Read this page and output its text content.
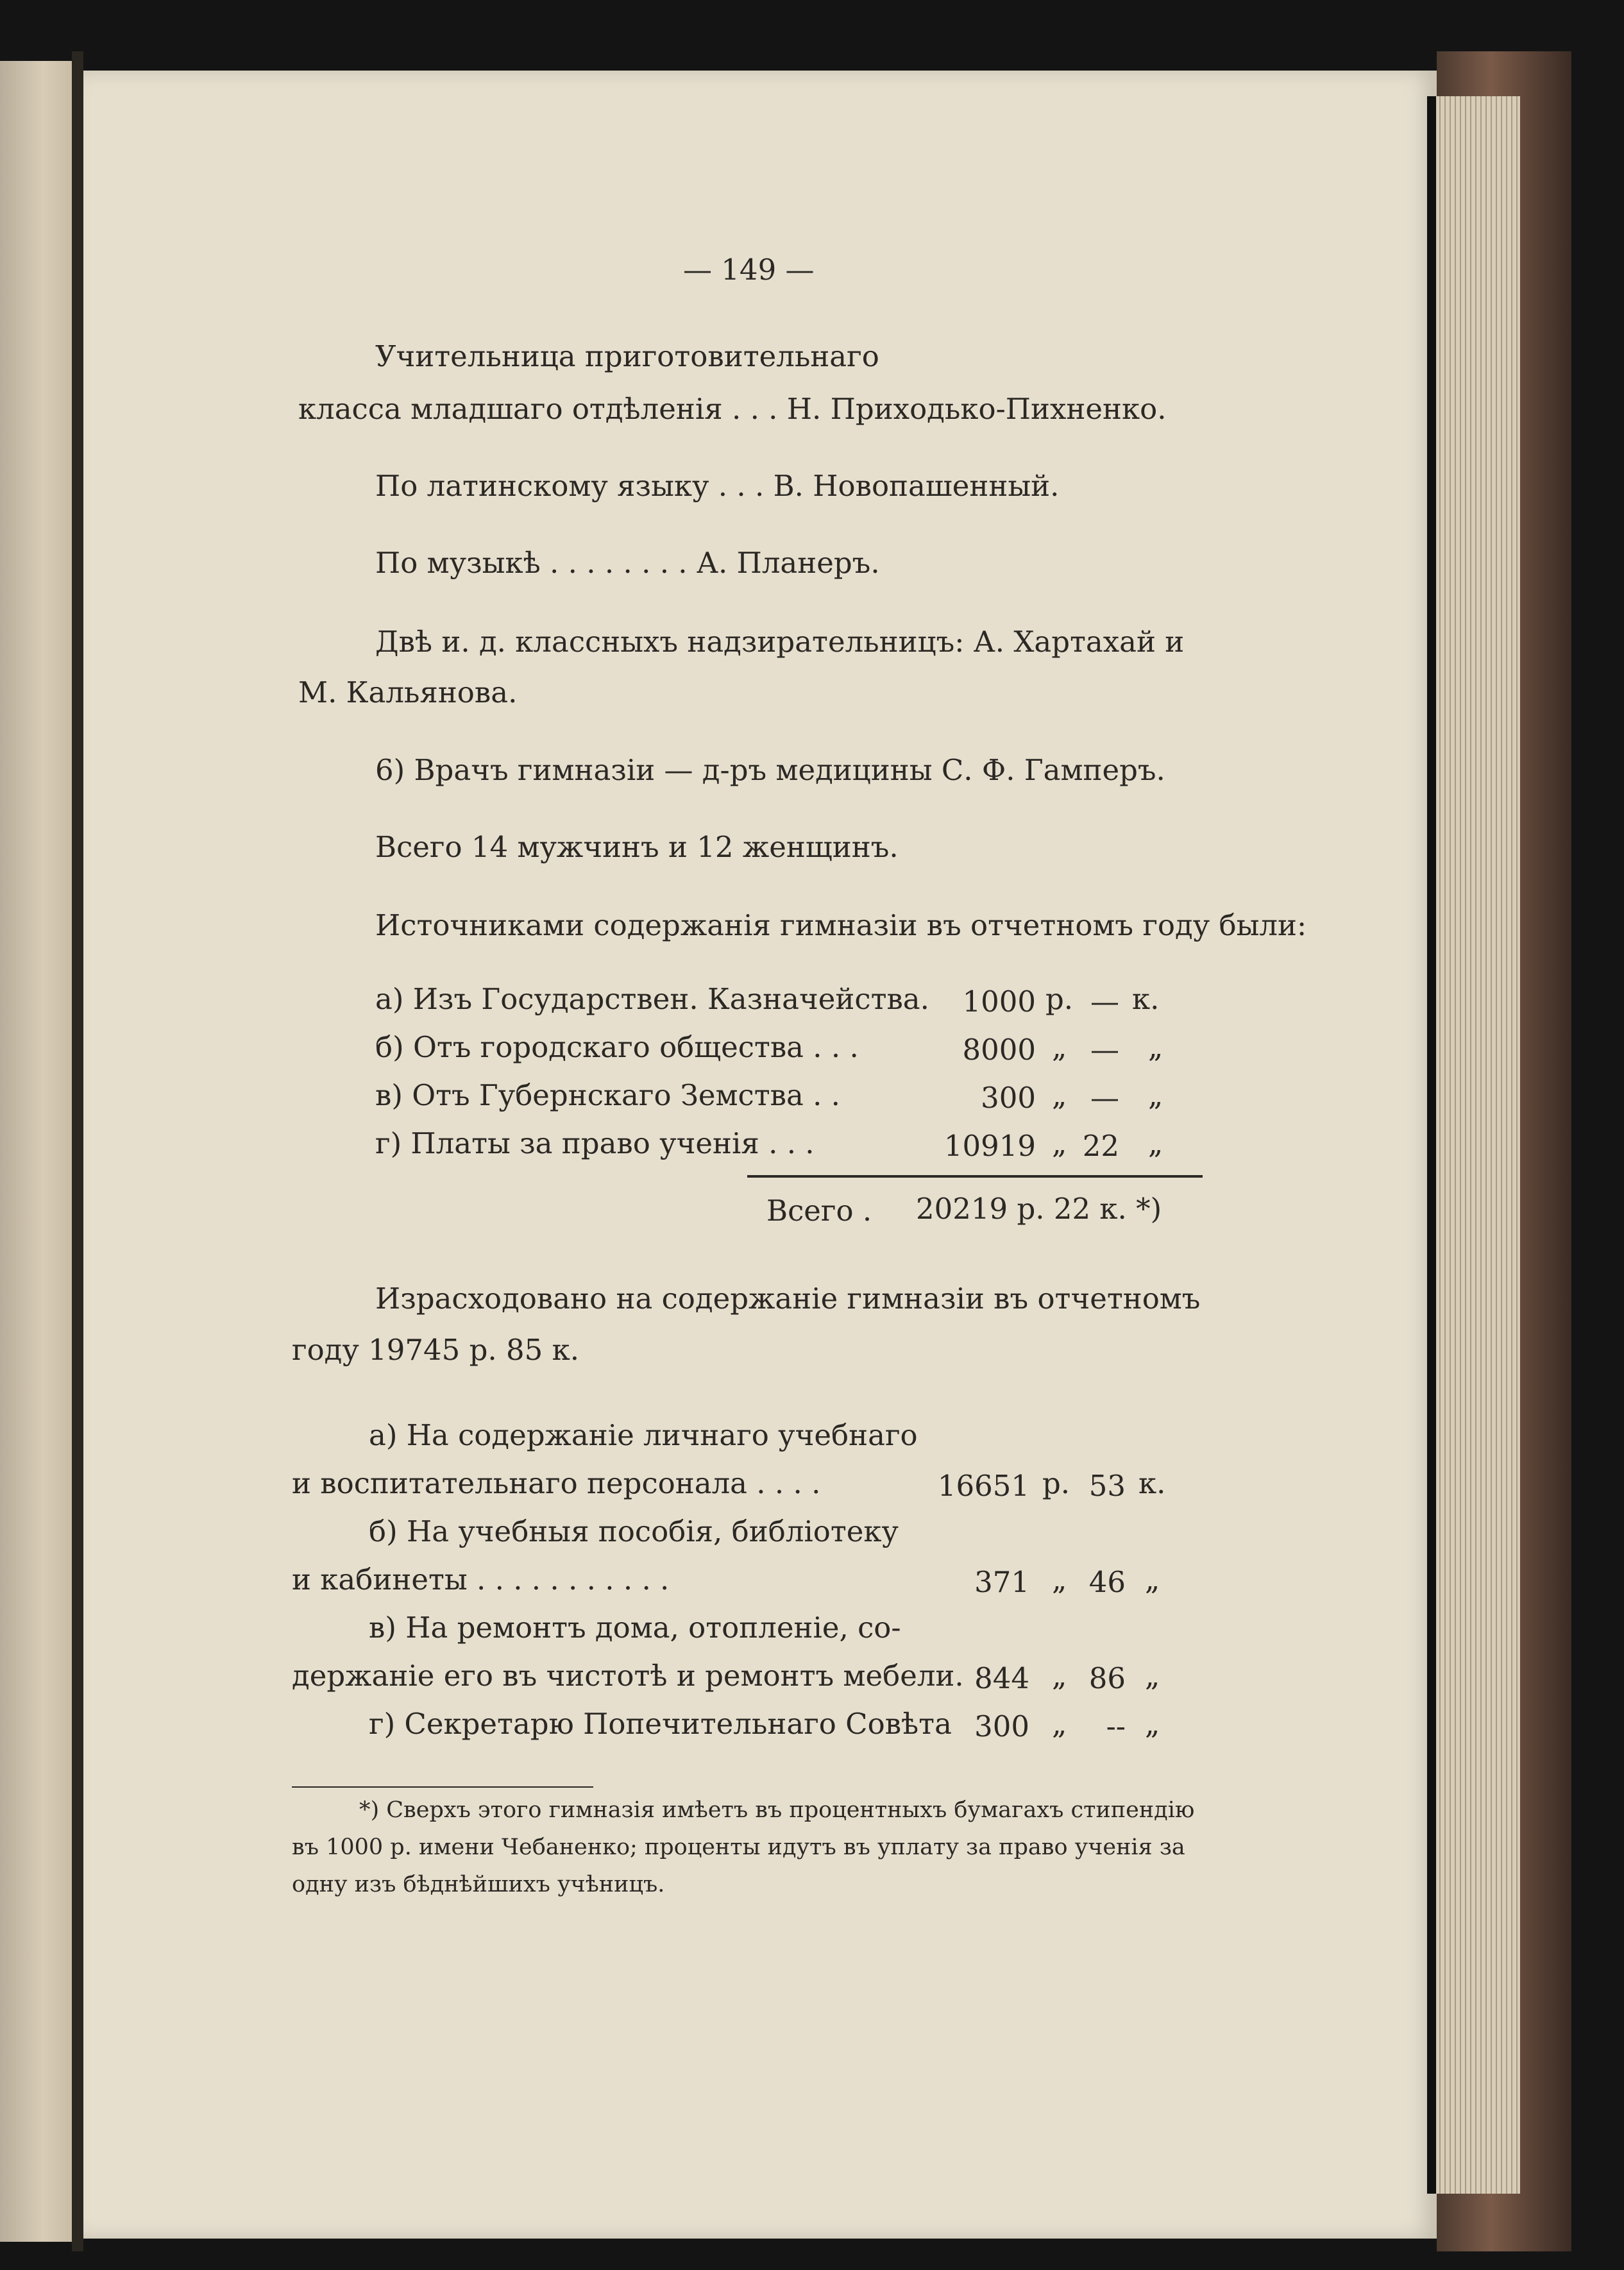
— 149 —
Учительница приготовительнаго
класса младшаго отдѣленія . . . Н. Приходько-Пихненко.
По латинскому языку . . . В. Новопашенный.
По музыкѣ . . . . . . . . А. Планеръ.
Двѣ и. д. классныхъ надзирательницъ: А. Хартахай и
М. Кальянова.
6) Врачъ гимназіи — д-ръ медицины С. Ф. Гамперъ.
Всего 14 мужчинъ и 12 женщинъ.
Источниками содержанія гимназіи въ отчетномъ году были:
а) Изъ Государствен. Казначейства.	1000 р. — к.
б) Отъ городскаго общества . . .	8000 „ — „
в) Отъ Губернскаго Земства . .	300 „ — „
г) Платы за право ученія . . .	10919 „ 22 „
Всего . 20219 р. 22 к. *)
Израсходовано на содержаніе гимназіи въ отчетномъ
году 19745 р. 85 к.
а) На содержаніе личнаго учебнаго
и воспитательнаго персонала . . . .	16651 р. 53 к.
б) На учебныя пособія, библіотеку
и кабинеты . . . . . . . . . . .	371 „ 46 „
в) На ремонтъ дома, отопленіе, со-
держаніе его въ чистотѣ и ремонтъ мебели. 844 „ 86 „
г) Секретарю Попечительнаго Совѣта 300 „	-- „
*) Сверхъ этого гимназія имѣетъ въ процентныхъ бумагахъ стипендію
въ 1000 р. имени Чебаненко; проценты идутъ въ уплату за право ученія за
одну изъ бѣднѣйшихъ учѣницъ.
